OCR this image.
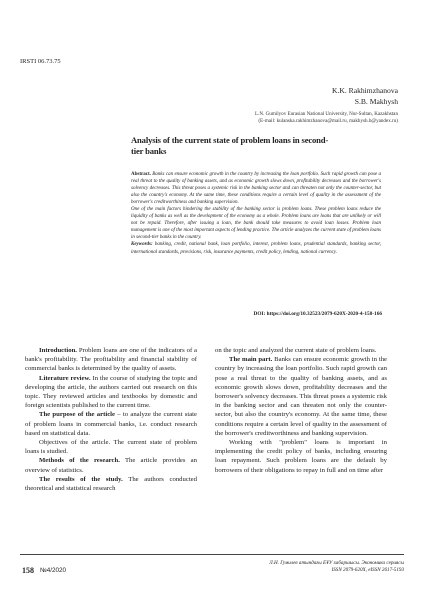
IRSTI 06.73.75
K.K. Rakhimzhanova
S.B. Makhysh
L.N. Gumilyov Eurasian National University, Nur-Sultan, Kazakhstan
(E-mail: kulanska.rakhimzhanova@mail.ru, makhysh.b@yandex.ru)
Analysis of the current state of problem loans in second-tier banks
Abstract. Banks can ensure economic growth in the country by increasing the loan portfolio. Such rapid growth can pose a real threat to the quality of banking assets, and as economic growth slows down, profitability decreases and the borrower's solvency decreases. This threat poses a systemic risk in the banking sector and can threaten not only the counter-sector, but also the country's economy. At the same time, these conditions require a certain level of quality in the assessment of the borrower's creditworthiness and banking supervision.
One of the main factors hindering the stability of the banking sector is problem loans. These problem loans reduce the liquidity of banks as well as the development of the economy as a whole. Problem loans are loans that are unlikely or will not be repaid. Therefore, after issuing a loan, the bank should take measures to avoid loan losses. Problem loan management is one of the most important aspects of lending practice. The article analyzes the current state of problem loans in second-tier banks in the country.
Keywords: banking, credit, national bank, loan portfolio, interest, problem loans, prudential standards, banking sector, international standards, provisions, risk, insurance payments, credit policy, lending, national currency.
DOI: https://doi.org/10.32523/2079-620X-2020-4-158-166

Introduction. Problem loans are one of the indicators of a bank's profitability. The profitability and financial stability of commercial banks is determined by the quality of assets.

Literature review. In the course of studying the topic and developing the article, the authors carried out research on this topic. They reviewed articles and textbooks by domestic and foreign scientists published to the current time.

The purpose of the article – to analyze the current state of problem loans in commercial banks, i.e. conduct research based on statistical data.

Objectives of the article. The current state of problem loans is studied.

Methods of the research. The article provides an overview of statistics.

The results of the study. The authors conducted theoretical and statistical research

on the topic and analyzed the current state of problem loans.

The main part. Banks can ensure economic growth in the country by increasing the loan portfolio. Such rapid growth can pose a real threat to the quality of banking assets, and as economic growth slows down, profitability decreases and the borrower's solvency decreases. This threat poses a systemic risk in the banking sector and can threaten not only the counter-sector, but also the country's economy. At the same time, these conditions require a certain level of quality in the assessment of the borrower's creditworthiness and banking supervision.

Working with "problem" loans is important in implementing the credit policy of banks, including ensuring loan repayment. Such problem loans are the default by borrowers of their obligations to repay in full and on time after

158 №4/2020
Л.Н. Гумилев атындағы ЕҰУ хабаршысы. Экономика сериясы
ISSN 2079-620X, eISSN 2617-5193
